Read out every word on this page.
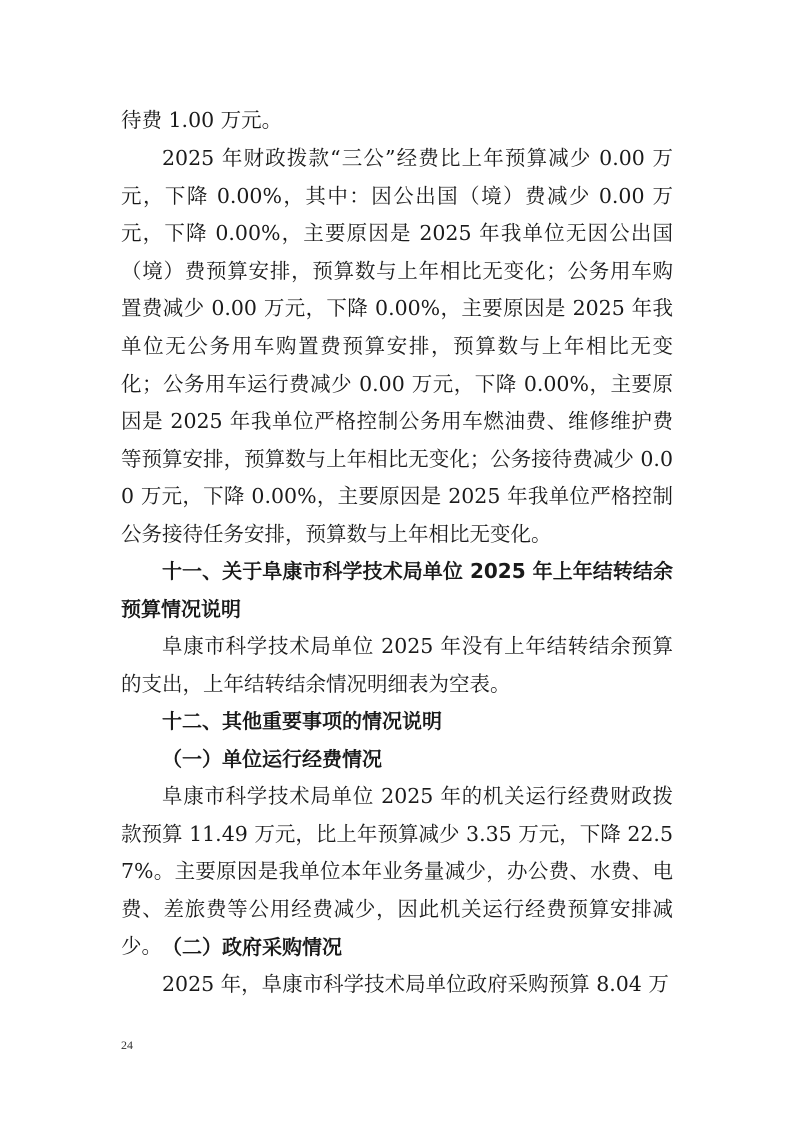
待费 1.00 万元。

2025 年财政拨款“三公”经费比上年预算减少 0.00 万元，下降 0.00%，其中：因公出国（境）费减少 0.00 万元，下降 0.00%，主要原因是 2025 年我单位无因公出国（境）费预算安排，预算数与上年相比无变化；公务用车购置费减少 0.00 万元，下降 0.00%，主要原因是 2025 年我单位无公务用车购置费预算安排，预算数与上年相比无变化；公务用车运行费减少 0.00 万元，下降 0.00%，主要原因是 2025 年我单位严格控制公务用车燃油费、维修维护费等预算安排，预算数与上年相比无变化；公务接待费减少 0.00 万元，下降 0.00%，主要原因是 2025 年我单位严格控制公务接待任务安排，预算数与上年相比无变化。

十一、关于阜康市科学技术局单位 2025 年上年结转结余预算情况说明

阜康市科学技术局单位 2025 年没有上年结转结余预算的支出，上年结转结余情况明细表为空表。

十二、其他重要事项的情况说明

（一）单位运行经费情况

阜康市科学技术局单位 2025 年的机关运行经费财政拨款预算 11.49 万元，比上年预算减少 3.35 万元，下降 22.57%。主要原因是我单位本年业务量减少，办公费、水费、电费、差旅费等公用经费减少，因此机关运行经费预算安排减少。 （二）政府采购情况

2025 年，阜康市科学技术局单位政府采购预算 8.04 万

24
